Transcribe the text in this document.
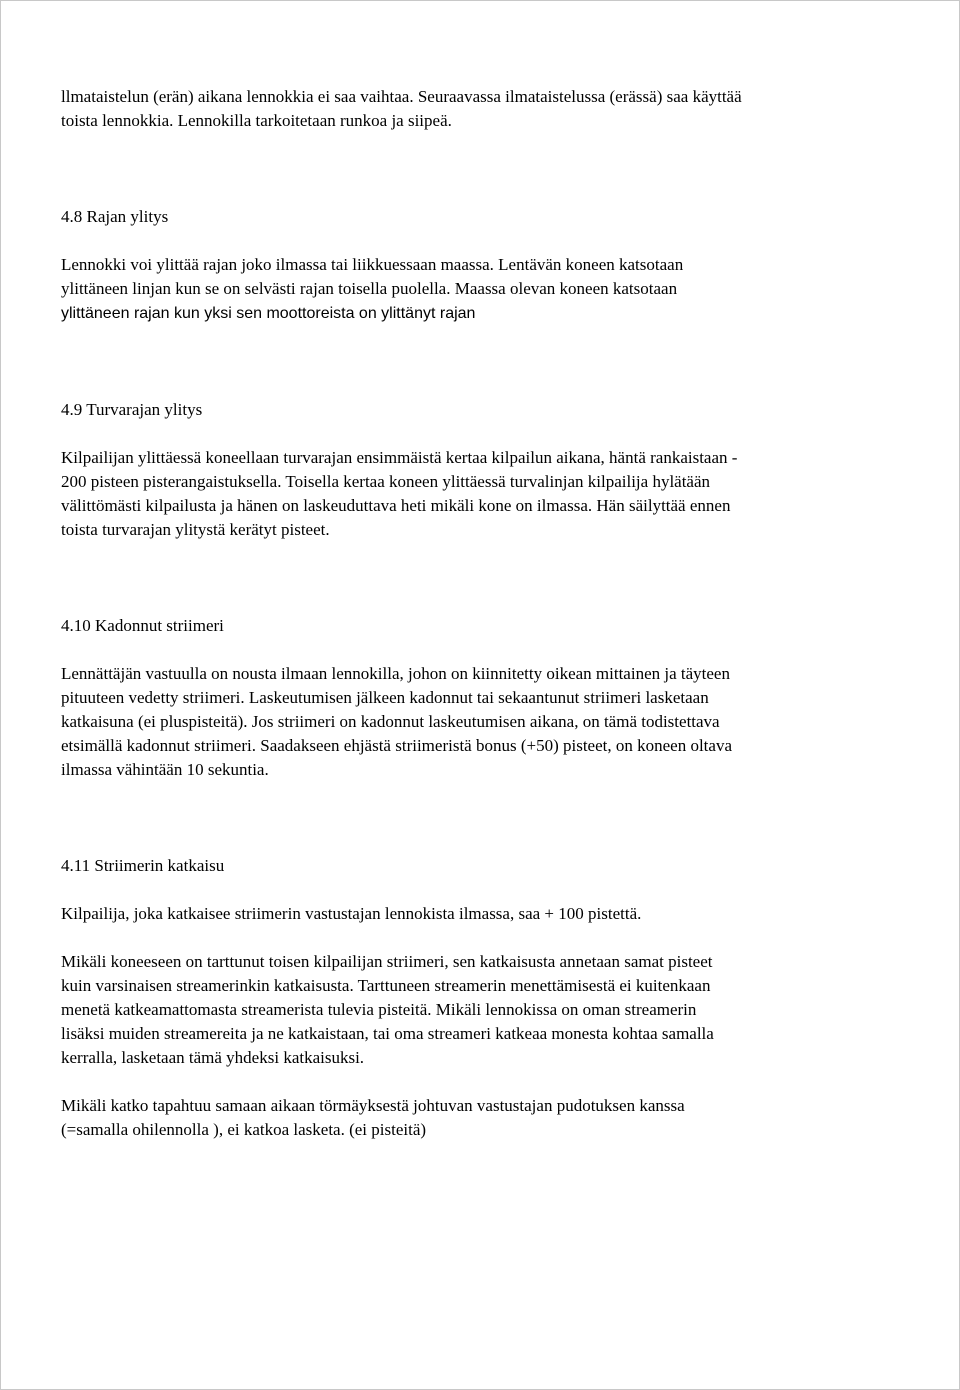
llmataistelun (erän) aikana lennokkia ei saa vaihtaa. Seuraavassa ilmataistelussa (erässä) saa käyttää
toista lennokkia. Lennokilla tarkoitetaan runkoa ja siipeä.

4.8 Rajan ylitys

Lennokki voi ylittää rajan joko ilmassa tai liikkuessaan maassa. Lentävän koneen katsotaan
ylittäneen linjan kun se on selvästi rajan toisella puolella. Maassa olevan koneen katsotaan
ylittäneen rajan kun yksi sen moottoreista on ylittänyt rajan

4.9 Turvarajan ylitys

Kilpailijan ylittäessä koneellaan turvarajan ensimmäistä kertaa kilpailun aikana, häntä rankaistaan -
200 pisteen pisterangaistuksella. Toisella kertaa koneen ylittäessä turvalinjan kilpailija hylätään
välittömästi kilpailusta ja hänen on laskeuduttava heti mikäli kone on ilmassa. Hän säilyttää ennen
toista turvarajan ylitystä kerätyt pisteet.

4.10 Kadonnut striimeri

Lennättäjän vastuulla on nousta ilmaan lennokilla, johon on kiinnitetty oikean mittainen ja täyteen
pituuteen vedetty striimeri. Laskeutumisen jälkeen kadonnut tai sekaantunut striimeri lasketaan
katkaisuna (ei pluspisteitä). Jos striimeri on kadonnut laskeutumisen aikana, on tämä todistettava
etsimällä kadonnut striimeri. Saadakseen ehjästä striimeristä bonus (+50) pisteet, on koneen oltava
ilmassa vähintään 10 sekuntia.

4.11 Striimerin katkaisu

Kilpailija, joka katkaisee striimerin vastustajan lennokista ilmassa, saa + 100 pistettä.

Mikäli koneeseen on tarttunut toisen kilpailijan striimeri, sen katkaisusta annetaan samat pisteet
kuin varsinaisen streamerinkin katkaisusta. Tarttuneen streamerin menettämisestä ei kuitenkaan
menetä katkeamattomasta streamerista tulevia pisteitä. Mikäli lennokissa on oman streamerin
lisäksi muiden streamereita ja ne katkaistaan, tai oma streameri katkeaa monesta kohtaa samalla
kerralla, lasketaan tämä yhdeksi katkaisuksi.

Mikäli katko tapahtuu samaan aikaan törmäyksestä johtuvan vastustajan pudotuksen kanssa
(=samalla ohilennolla ), ei katkoa lasketa. (ei pisteitä)
